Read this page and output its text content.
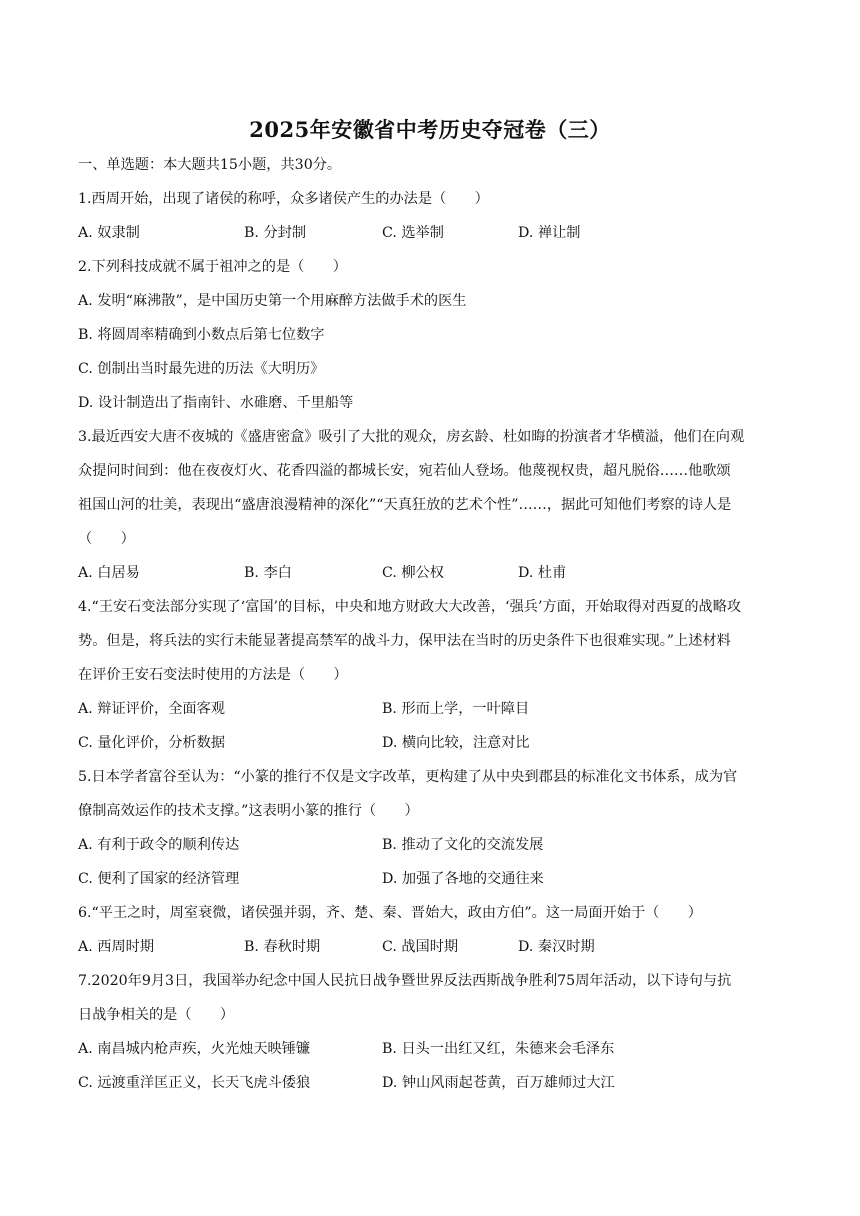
2025年安徽省中考历史夺冠卷（三）
一、单选题：本大题共15小题，共30分。
1.西周开始，出现了诸侯的称呼，众多诸侯产生的办法是（　　）
A. 奴隶制	B. 分封制	C. 选举制	D. 禅让制
2.下列科技成就不属于祖冲之的是（　　）
A. 发明“麻沸散”，是中国历史第一个用麻醉方法做手术的医生
B. 将圆周率精确到小数点后第七位数字
C. 创制出当时最先进的历法《大明历》
D. 设计制造出了指南针、水碓磨、千里船等
3.最近西安大唐不夜城的《盛唐密盒》吸引了大批的观众，房玄龄、杜如晦的扮演者才华横溢，他们在向观
众提问时间到：他在夜夜灯火、花香四溢的都城长安，宛若仙人登场。他蔑视权贵，超凡脱俗……他歌颂
祖国山河的壮美，表现出“盛唐浪漫精神的深化”“天真狂放的艺术个性”……，据此可知他们考察的诗人是
（　　）
A. 白居易	B. 李白	C. 柳公权	D. 杜甫
4.“王安石变法部分实现了‘富国’的目标，中央和地方财政大大改善，‘强兵’方面，开始取得对西夏的战略攻
势。但是，将兵法的实行未能显著提高禁军的战斗力，保甲法在当时的历史条件下也很难实现。”上述材料
在评价王安石变法时使用的方法是（　　）
A. 辩证评价，全面客观	B. 形而上学，一叶障目
C. 量化评价，分析数据	D. 横向比较，注意对比
5.日本学者富谷至认为：“小篆的推行不仅是文字改革，更构建了从中央到郡县的标准化文书体系，成为官
僚制高效运作的技术支撑。”这表明小篆的推行（　　）
A. 有利于政令的顺利传达	B. 推动了文化的交流发展
C. 便利了国家的经济管理	D. 加强了各地的交通往来
6.“平王之时，周室衰微，诸侯强并弱，齐、楚、秦、晋始大，政由方伯”。这一局面开始于（　　）
A. 西周时期	B. 春秋时期	C. 战国时期	D. 秦汉时期
7.2020年9月3日，我国举办纪念中国人民抗日战争暨世界反法西斯战争胜利75周年活动，以下诗句与抗
日战争相关的是（　　）
A. 南昌城内枪声疾，火光烛天映锤镰	B. 日头一出红又红，朱德来会毛泽东
C. 远渡重洋匡正义，长天飞虎斗倭狼	D. 钟山风雨起苍黄，百万雄师过大江
